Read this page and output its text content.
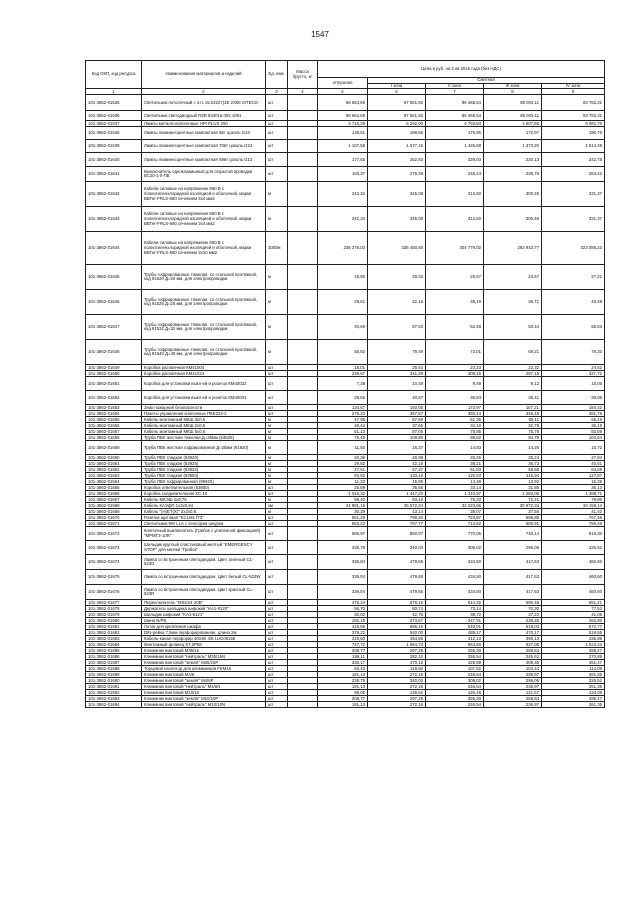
1547
Код ОКП, код ресурса	Наименование материалов и изделий	Ед. изм.	Масса брутто, кг	Цена в руб. на 2 кв 2016 года (без НДС)				
				отпускная	Сметная			
					I зона	II зона	III зона	IV зона
1	2	3	4	5	6	7	8	9
101-3862-01635	Светильник потолочный с п.п. SLS4227(2E 2X58 SITECO	шт		68 664,69	97 661,92	86 468,54	85 003,11	93 782,31
101-3862-01636	Светильник светодиодный RZB 633016.002 1081	шт		68 664,69	97 661,92	86 468,54	85 003,11	93 782,31
101-3862-01637	Лампы металлогалогенные HPI PLUS 250	шт		3 716,29	5 292,00	4 793,84	4 607,66	5 081,76
101-3862-01638	Лампы люминесцентные компактная 9вт цоколь G23	шт		139,51	198,66	175,95	172,97	190,76
101-3862-01639	Лампы люминесцентные компактная 70вт цоколь G24	шт		1 107,58	1 577,15	1 426,68	1 373,20	1 514,49
101-3862-01640	Лампы люминесцентные компактная 58вт цоколь G13	шт		177,55	252,83	229,03	220,13	242,78
101-3862-01641	Выключатель одноклавишный для открытой проводки ВС20-1-0-ПБ	шт		193,37	275,36	249,44	239,75	264,42
101-3862-01642	Кабели силовые на напряжение 660 В с полиэтиленхлоридной изоляцией и оболочкой, марки ВВГнг-FRLS-660 сечением 3х4 мм2	м		242,34	345,08	312,60	300,45	331,37
101-3862-01643	Кабели силовые на напряжение 660 В с полиэтиленхлоридной изоляцией и оболочкой, марки ВВГнг-FRLS-660 сечением 3х4 мм2	м		242,34	345,08	312,60	300,45	331,37
101-3862-01644	Кабели силовые на напряжение 660 В с полиэтиленхлоридной изоляцией и оболочкой, марки ВВГнг-FRLS-660 сечением 3х10 мм2	1000м		236 278,03	336 450,60	304 779,02	292 943,77	323 085,23
101-3862-01645	Трубы гофрированные тяжелая, со стальной протяжкой, код 91520 Д=20 мм, для электропроводки	м		19,90	28,34	25,67	24,67	27,21
101-3862-01646	Трубы гофрированные тяжелая, со стальной протяжкой, код 91525 Д=25 мм, для электропроводки	м		29,61	42,16	38,19	36,71	40,49
101-3862-01647	Трубы гофрированные тяжелая, со стальной протяжкой, код 91532 Д=32 мм, для электропроводки	м		40,68	57,93	52,48	50,44	55,63
101-3862-01648	Трубы гофрированные тяжелая, со стальной протяжкой, код 91540 Д=40 мм, для электропроводки	м		55,82	79,49	72,01	69,21	76,33
101-3862-01649	Коробка распаячная КМ41004	шт		18,01	25,64	23,23	22,32	24,62
101-3862-01650	Коробка распаячная КМ41024	шт		239,67	341,28	309,15	297,15	327,72
101-3862-01651	Коробка для установки выкл-ей и розеток КМ40022	шт		7,38	10,49	9,49	9,12	10,05
101-3862-01652	Коробка для установки выкл-ей и розеток КМ40001	шт		28,56	40,67	36,84	35,41	39,06
101-3862-01653	Знак пожарной безопасности	шт		134,67	192,05	173,97	167,21	184,42
101-3862-01654	Пакеты управления кнопочные ПКЕ222-2	шт		279,20	397,57	360,14	346,16	381,78
101-3862-01655	Кабель монтажный МКШ 3х0,5	м		47,98	67,69	61,35	59,11	65,19
101-3862-01656	Кабель монтажный МКШ 2х0,5	м		26,44	37,65	34,10	32,78	36,15
101-3862-01657	Кабель монтажный МКШ 5х0,5	м		61,13	87,05	78,85	75,79	83,59
101-3862-01658	Труба ПВХ жесткая тяжелая Д=25мм (63525)	м		76,45	108,86	98,62	94,79	104,54
101-3862-01659	Труба ПВХ жесткая гофрированная Д=20мм (91920)	м		11,50	16,37	14,83	14,26	15,72
101-3862-01660	Труба ПВХ гладкая (63920)	м		20,36	28,99	26,26	25,24	27,84
101-3862-01661	Труба ПВХ гладкая (63925)	м		29,82	42,18	38,21	36,73	40,51
101-3862-01662	Труба ПВХ гладкая (63932)	м		47,51	67,37	61,03	58,66	64,69
101-3862-01663	Труба ПВХ гладкая (63950)	м		93,52	133,16	120,63	115,94	127,87
101-3862-01664	Труба ПВХ гофрированная (96920)	м		11,23	15,99	14,48	13,92	15,35
101-3862-01665	Коробка ответвительная (53800)	шт		25,69	36,58	33,14	31,85	35,13
101-3862-01666	Коробка соединительная КС-10	шт		1 016,32	1 447,20	1 310,97	1 260,06	1 389,71
101-3862-01667	Кабель МКЭШ 2х0,75	м		58,40	83,16	75,33	72,41	79,86
101-3862-01668	Кабель КАЭфП 1х2х0,64	км		24 981,19	35 572,24	32 223,66	30 972,34	34 159,14
101-3862-01669	Кабель "(Н)ЕТ(Х)" 2х2х0,8	м		30,29	43,14	39,07	37,56	41,42
101-3862-01670	Розетка щитовая "ECLM1 f73"	шт		561,25	799,20	723,97	695,86	767,46
101-3862-01671	Светильник 8W LLA с сенсором шнурка	шт		553,23	787,77	713,62	685,91	756,48
101-3862-01672	Кнопочный выключатель (Грибок с усиленной фиксацией) "MPMT3-10R"	шт		596,97	850,07	770,05	740,14	816,30
101-3862-01673	Шильдик круглый пластиковый желтый "EMERGENCY STOP" для кнопки "Грибок"	шт		238,79	340,03	308,02	296,06	326,52
101-3862-01674	Лампа со встроенным светодиодом. Цвет зеленый CL-523G	шт		336,84	479,65	434,50	417,63	460,60
101-3862-01675	Лампа со встроенным светодиодом. Цвет белый CL-523W	шт		336,84	479,65	434,50	417,63	460,60
101-3862-01676	Лампа со встроенным светодиодом. Цвет красный CL-523R	шт		336,84	479,65	434,50	417,63	460,60
101-3862-01677	Переключатель "MSSS4-20B"	шт		476,24	678,15	614,32	590,46	651,21
101-3862-01678	Держатель шильдика широкий "KA1-8120"	шт		56,70	80,74	73,14	70,30	77,53
101-3862-01679	Шильдик широкий "KA1-8121"	шт		30,02	42,76	38,72	37,22	41,05
101-3862-01680	Шина N/PE	шт		192,18	273,67	247,91	238,28	262,80
101-3862-01681	Лоток для крепления шкафа	шт		418,68	596,16	540,01	519,03	572,77
101-3862-01682	DIN-рейка 7,5мм перфорированная, длина 2м	шт		379,22	540,00	489,17	470,17	518,55
101-3862-01683	Кабель-канал перфорир 40Х60 4/6 LUC06155	шт		319,60	454,86	412,13	396,13	436,89
101-3862-01684	Монтажный фланец ST,2P58	шт		747,72	1 064,73	964,50	927,05	1 022,43
101-3862-01685	Клеммник винтовой М35/16	шт		208,77	297,28	269,30	258,84	285,47
101-3862-01686	Клеммник винтовой "нейтраль" М35/16N	шт		198,11	282,10	255,54	245,62	270,89
101-3862-01687	Клеммник винтовой "земля" М35/16P	шт		330,17	470,15	425,89	409,35	451,47
101-3862-01688	Торцевой изолятор для клеммников FEM16	шт		83,43	118,80	107,62	103,44	114,08
101-3862-01689	Клеммник винтовой М4/6	шт		191,13	272,16	246,54	236,97	261,35
101-3862-01690	Клеммник винтовой "земля" М4/6P	шт		238,79	340,03	308,02	296,06	326,52
101-3862-01691	Клеммник винтовой "нейтраль" М4/6N	шт		191,13	272,16	246,54	236,97	261,35
101-3862-01692	Клеммник винтовой М10/10	шт		98,05	139,62	126,48	121,57	134,08
101-3862-01693	Клеммник винтовой "земля" М10/10P	шт		208,77	297,28	269,30	258,84	285,47
101-3862-01694	Клеммник винтовой "нейтраль" М10/10N	шт		191,13	272,16	246,54	236,97	261,35
